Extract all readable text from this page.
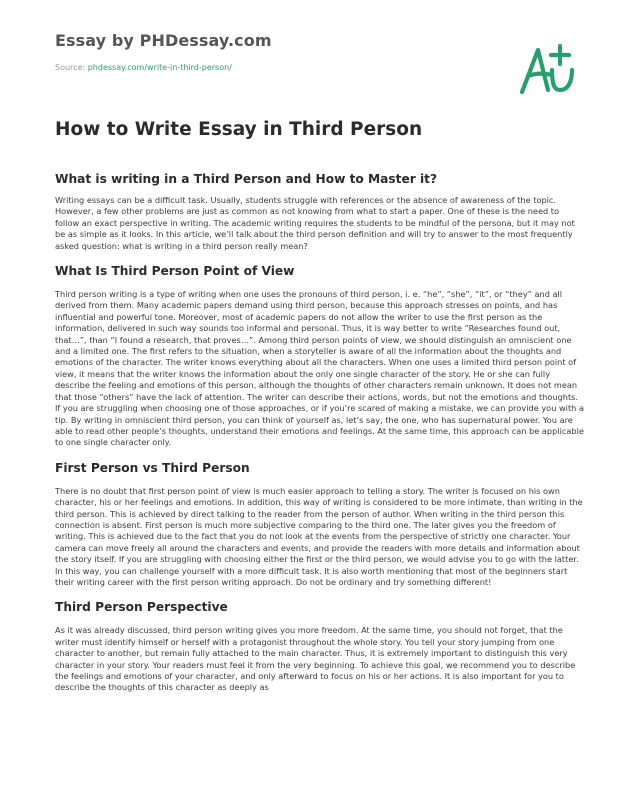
Essay by PHDessay.com
Source: phdessay.com/write-in-third-person/
How to Write Essay in Third Person
What is writing in a Third Person and How to Master it?

Writing essays can be a difficult task. Usually, students struggle with references or the absence of awareness of the topic. However, a few other problems are just as common as not knowing from what to start a paper. One of these is the need to follow an exact perspective in writing. The academic writing requires the students to be mindful of the persona, but it may not be as simple as it looks. In this article, we’ll talk about the third person definition and will try to answer to the most frequently asked question: what is writing in a third person really mean?

What Is Third Person Point of View

Third person writing is a type of writing when one uses the pronouns of third person, i. e. “he”, “she”, “it”, or “they” and all derived from them. Many academic papers demand using third person, because this approach stresses on points, and has influential and powerful tone. Moreover, most of academic papers do not allow the writer to use the first person as the information, delivered in such way sounds too informal and personal. Thus, it is way better to write “Researches found out, that…”, than “I found a research, that proves…”. Among third person points of view, we should distinguish an omniscient one and a limited one. The first refers to the situation, when a storyteller is aware of all the information about the thoughts and emotions of the character. The writer knows everything about all the characters. When one uses a limited third person point of view, it means that the writer knows the information about the only one single character of the story. He or she can fully describe the feeling and emotions of this person, although the thoughts of other characters remain unknown. It does not mean that those “others” have the lack of attention. The writer can describe their actions, words, but not the emotions and thoughts. If you are struggling when choosing one of those approaches, or if you’re scared of making a mistake, we can provide you with a tip. By writing in omniscient third person, you can think of yourself as, let’s say, the one, who has supernatural power. You are able to read other people’s thoughts, understand their emotions and feelings. At the same time, this approach can be applicable to one single character only.

First Person vs Third Person

There is no doubt that first person point of view is much easier approach to telling a story. The writer is focused on his own character, his or her feelings and emotions. In addition, this way of writing is considered to be more intimate, than writing in the third person. This is achieved by direct talking to the reader from the person of author. When writing in the third person this connection is absent. First person is much more subjective comparing to the third one. The later gives you the freedom of writing. This is achieved due to the fact that you do not look at the events from the perspective of strictly one character. Your camera can move freely all around the characters and events, and provide the readers with more details and information about the story itself. If you are struggling with choosing either the first or the third person, we would advise you to go with the latter. In this way, you can challenge yourself with a more difficult task. It is also worth mentioning that most of the beginners start their writing career with the first person writing approach. Do not be ordinary and try something different!

Third Person Perspective

As it was already discussed, third person writing gives you more freedom. At the same time, you should not forget, that the writer must identify himself or herself with a protagonist throughout the whole story. You tell your story jumping from one character to another, but remain fully attached to the main character. Thus, it is extremely important to distinguish this very character in your story. Your readers must feel it from the very beginning. To achieve this goal, we recommend you to describe the feelings and emotions of your character, and only afterward to focus on his or her actions. It is also important for you to describe the thoughts of this character as deeply as
